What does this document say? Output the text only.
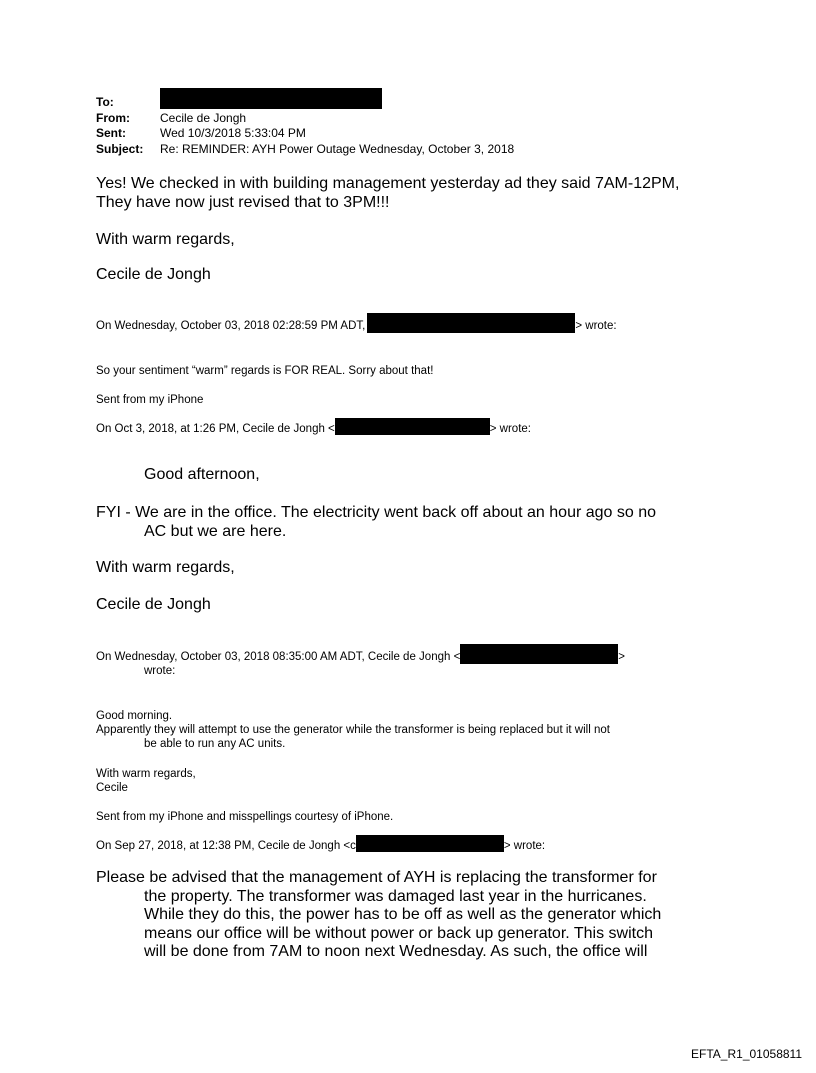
To:
From:	Cecile de Jongh
Sent:	Wed 10/3/2018 5:33:04 PM
Subject:	Re: REMINDER: AYH Power Outage Wednesday, October 3, 2018
Yes! We checked in with building management yesterday ad they said 7AM-12PM,
They have now just revised that to 3PM!!!
With warm regards,
Cecile de Jongh
On Wednesday, October 03, 2018 02:28:59 PM ADT,	> wrote:
So your sentiment “warm” regards is FOR REAL. Sorry about that!
Sent from my iPhone
On Oct 3, 2018, at 1:26 PM, Cecile de Jongh <	> wrote:
Good afternoon,
FYI - We are in the office. The electricity went back off about an hour ago so no
AC but we are here.
With warm regards,
Cecile de Jongh
On Wednesday, October 03, 2018 08:35:00 AM ADT, Cecile de Jongh <	>
wrote:
Good morning.
Apparently they will attempt to use the generator while the transformer is being replaced but it will not
be able to run any AC units.
With warm regards,
Cecile
Sent from my iPhone and misspellings courtesy of iPhone.
On Sep 27, 2018, at 12:38 PM, Cecile de Jongh <c	> wrote:
Please be advised that the management of AYH is replacing the transformer for
the property. The transformer was damaged last year in the hurricanes.
While they do this, the power has to be off as well as the generator which
means our office will be without power or back up generator. This switch
will be done from 7AM to noon next Wednesday. As such, the office will
EFTA_R1_01058811
